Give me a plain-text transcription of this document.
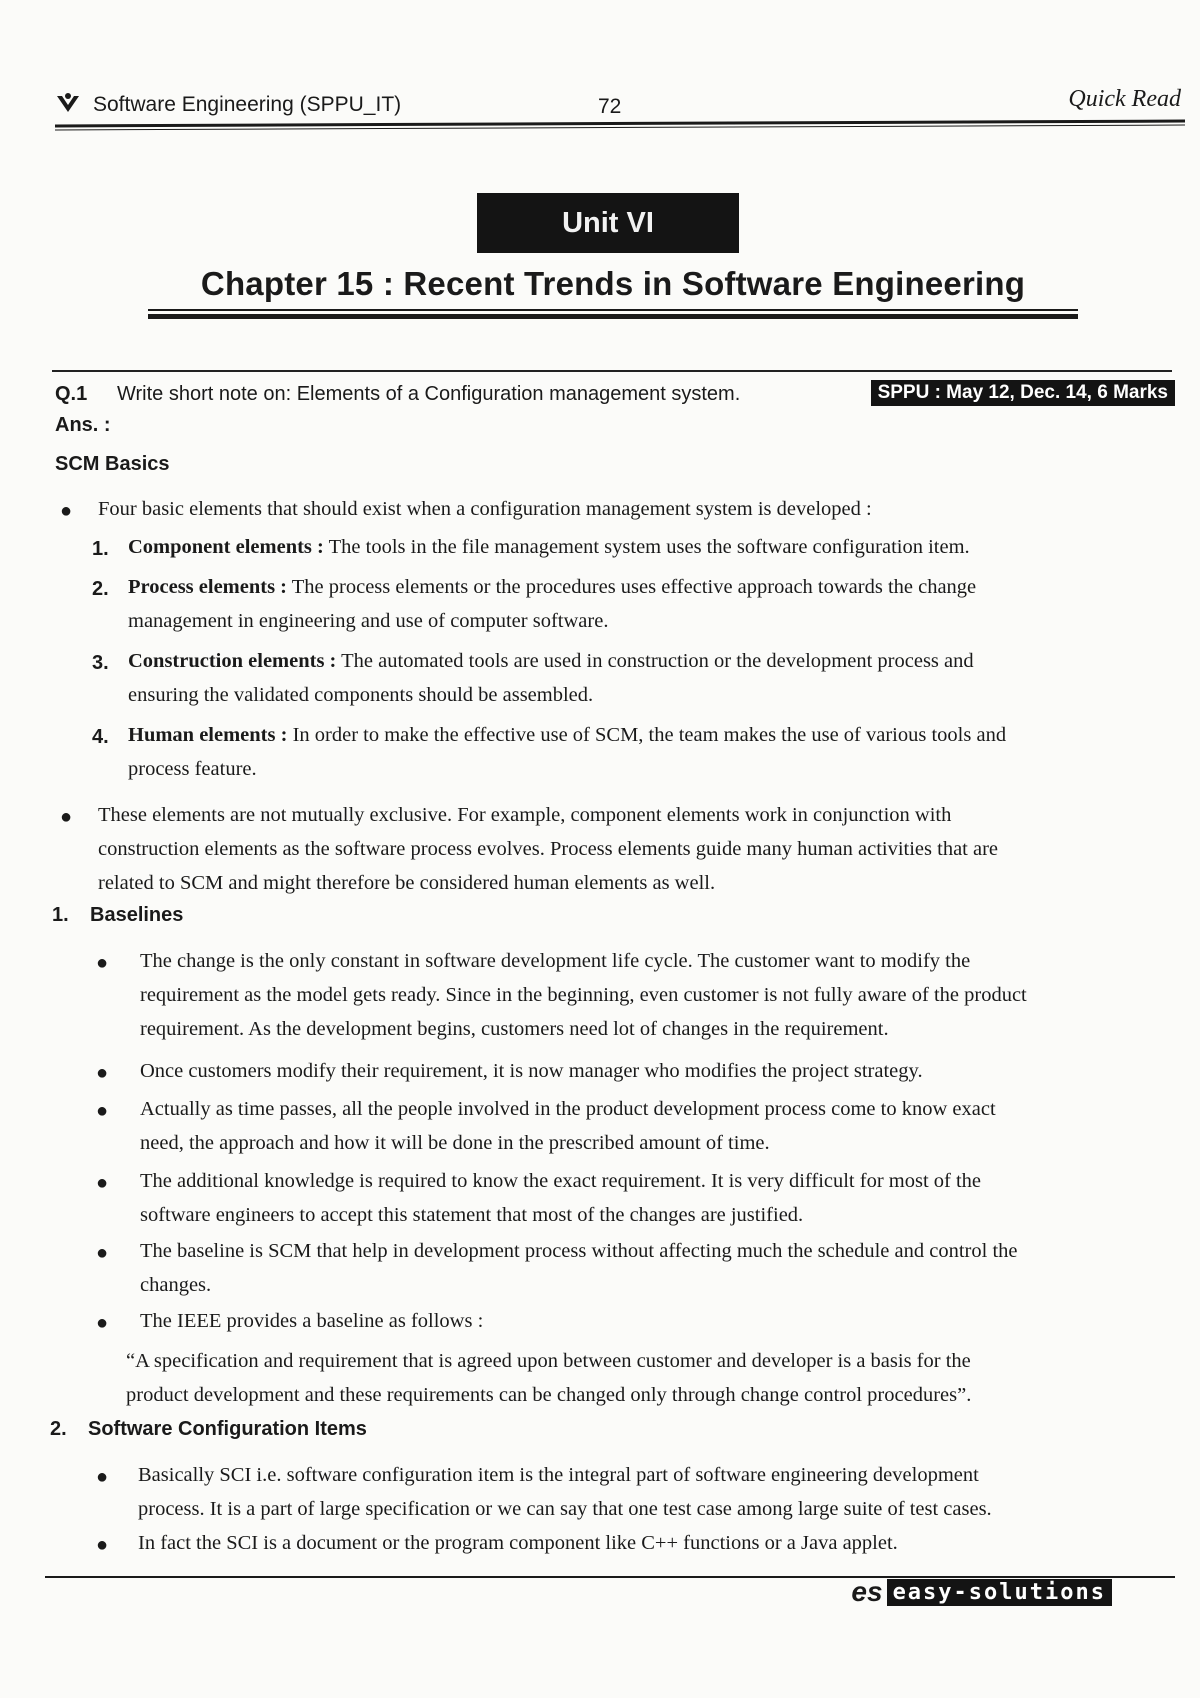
Software Engineering (SPPU_IT)	72	Quick Read
Unit VI
Chapter 15 : Recent Trends in Software Engineering
Q.1 Write short note on: Elements of a Configuration management system.	SPPU : May 12, Dec. 14, 6 Marks
Ans. :
SCM Basics
● Four basic elements that should exist when a configuration management system is developed :
1. Component elements : The tools in the file management system uses the software configuration item.
2. Process elements : The process elements or the procedures uses effective approach towards the change
management in engineering and use of computer software.
3. Construction elements : The automated tools are used in construction or the development process and
ensuring the validated components should be assembled.
4. Human elements : In order to make the effective use of SCM, the team makes the use of various tools and
process feature.
● These elements are not mutually exclusive. For example, component elements work in conjunction with
construction elements as the software process evolves. Process elements guide many human activities that are
related to SCM and might therefore be considered human elements as well.
1. Baselines
● The change is the only constant in software development life cycle. The customer want to modify the
requirement as the model gets ready. Since in the beginning, even customer is not fully aware of the product
requirement. As the development begins, customers need lot of changes in the requirement.
● Once customers modify their requirement, it is now manager who modifies the project strategy.
● Actually as time passes, all the people involved in the product development process come to know exact
need, the approach and how it will be done in the prescribed amount of time.
● The additional knowledge is required to know the exact requirement. It is very difficult for most of the
software engineers to accept this statement that most of the changes are justified.
● The baseline is SCM that help in development process without affecting much the schedule and control the
changes.
● The IEEE provides a baseline as follows :
“A specification and requirement that is agreed upon between customer and developer is a basis for the
product development and these requirements can be changed only through change control procedures”.
2. Software Configuration Items
● Basically SCI i.e. software configuration item is the integral part of software engineering development
process. It is a part of large specification or we can say that one test case among large suite of test cases.
● In fact the SCI is a document or the program component like C++ functions or a Java applet.
es easy-solutions
